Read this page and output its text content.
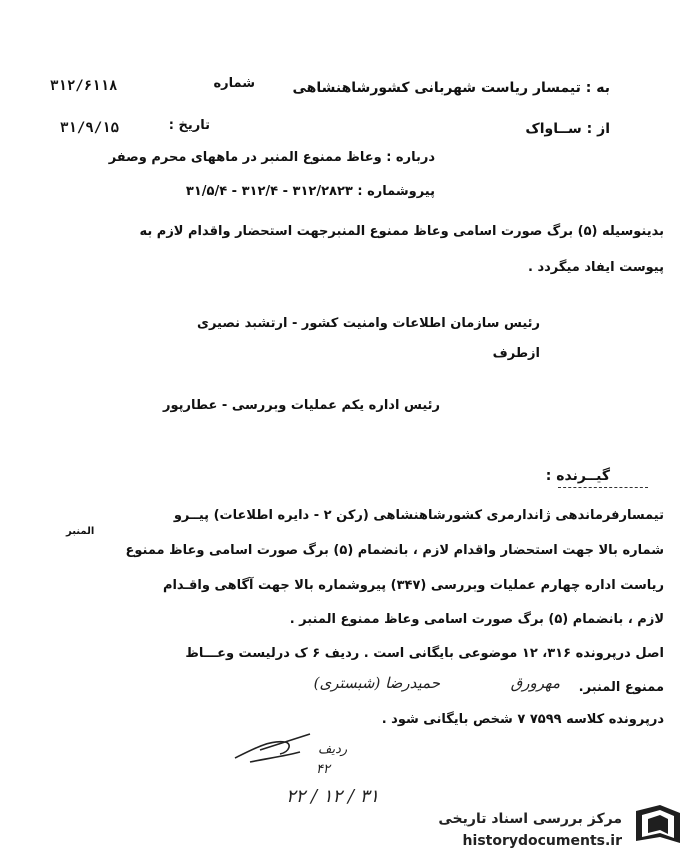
به : تیمسار ریاست شهربانی کشورشاهنشاهی
شماره
۳۱۲/۶۱۱۸
از : ســاواک
تاریخ :
۳۱/۹/۱۵
درباره : وعاظ ممنوع المنبر در ماههای محرم وصفر
پیروشماره : ۳۱۲/۲۸۲۳ - ۳۱۲/۴ - ۳۱/۵/۴
بدینوسیله (۵) برگ صورت اسامی وعاظ ممنوع المنبرجهت استحضار واقدام لازم به
پیوست ایفاد میگردد .
رئیس سازمان اطلاعات وامنیت کشور - ارتشبد نصیری
ازطرف
رئیس اداره یکم عملیات وبررسی - عطارپور
گیــرنده :
تیمسارفرماندهی ژاندارمری کشورشاهنشاهی (رکن ۲ - دایره اطلاعات) پیــرو
المنبر
شماره بالا جهت استحضار واقدام لازم ، بانضمام (۵) برگ صورت اسامی وعاظ ممنوع
ریاست اداره چهارم عملیات وبررسی (۳۴۷) پیروشماره بالا جهت آگاهی واقـدام
لازم ، بانضمام (۵) برگ صورت اسامی وعاظ ممنوع المنبر .
اصل درپرونده ۳۱۶، ۱۲ موضوعی بایگانی است . ردیف ۶ ک درلیست وعـــاظ
ممنوع المنبر.
مهرورق
حمیدرضا (شبستری)
درپرونده کلاسه ۷۵۹۹ ۷ شخص بایگانی شود .
ردیف
۴۲
۲۲ / ۱۲ / ۳۱
مرکز بررسی اسناد تاریخی
historydocuments.ir
